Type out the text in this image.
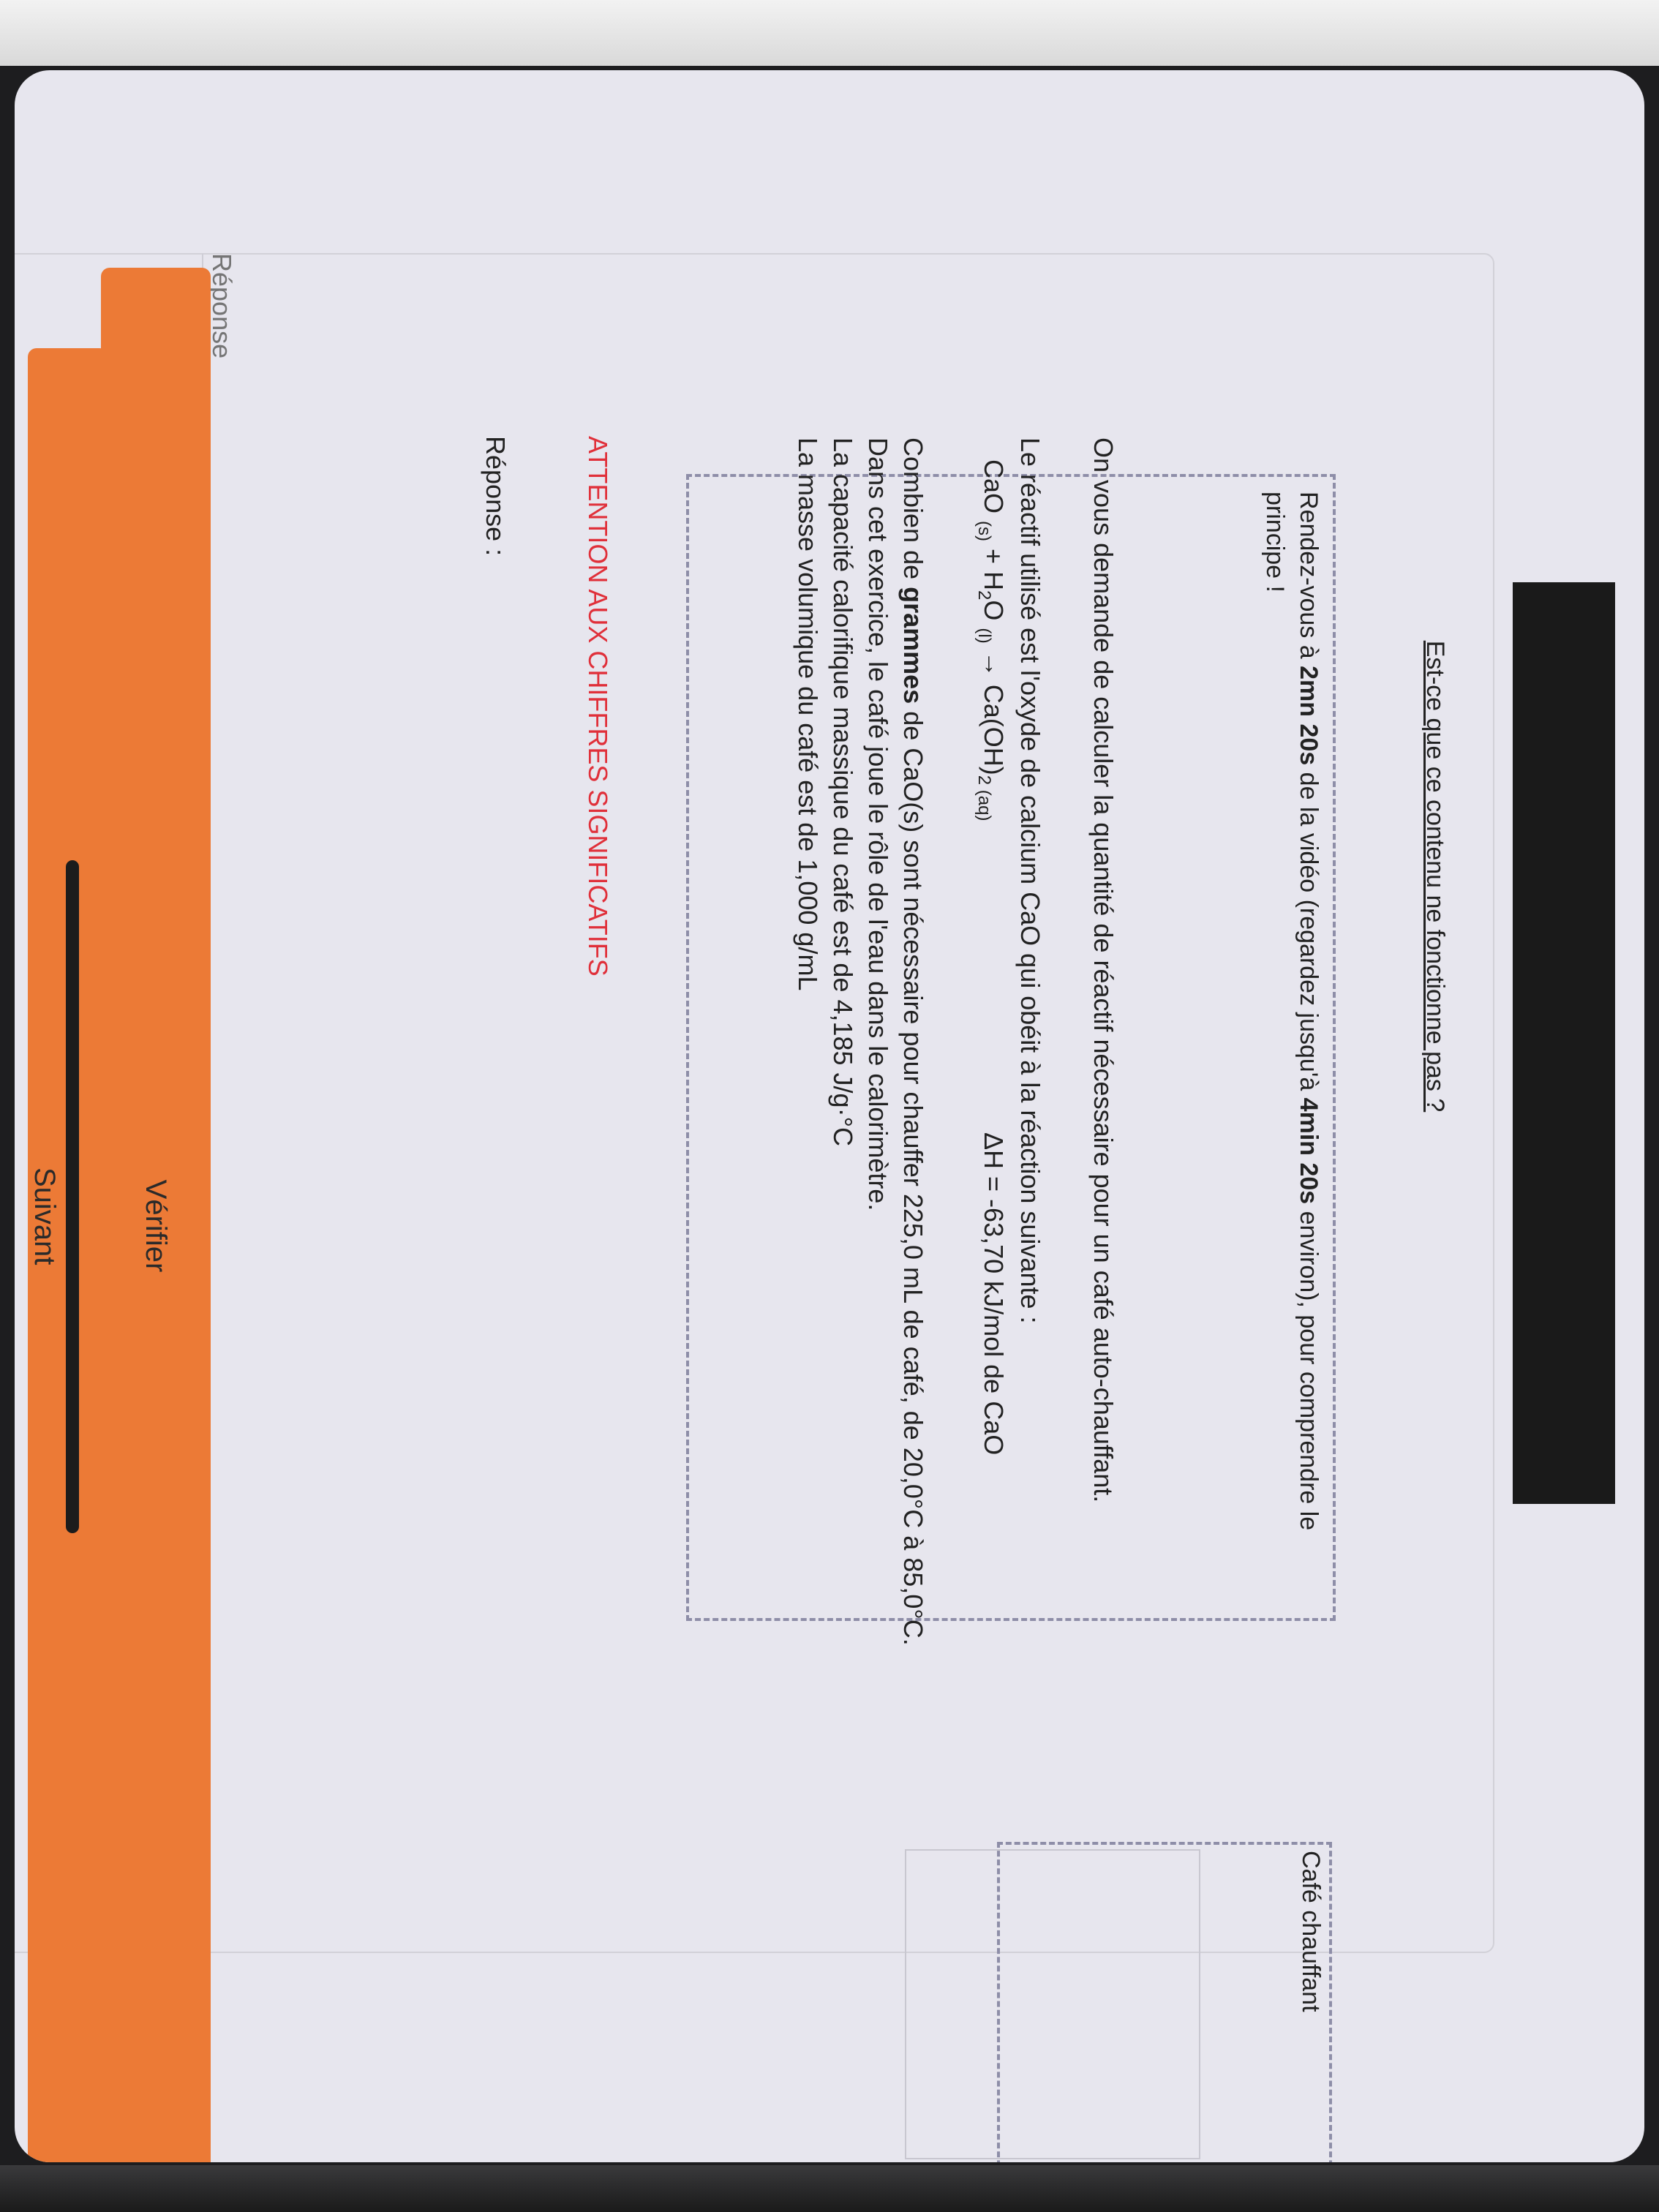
Est-ce que ce contenu ne fonctionne pas ?
Rendez-vous à 2mn 20s de la vidéo (regardez jusqu'à 4min 20s environ), pour comprendre le principe !
Café chauffant
On vous demande de calculer la quantité de réactif nécessaire pour un café auto-chauffant.
Le réactif utilisé est l'oxyde de calcium CaO qui obéit à la réaction suivante :
CaO $_{(s)} + H_2O$ $_{(l)} \to Ca(OH)_2$ $_{(aq)}$
ΔH = -63,70 kJ/mol de CaO
Combien de grammes de CaO(s) sont nécessaire pour chauffer 225,0 mL de café, de 20,0°C à 85,0°C.
Dans cet exercice, le café joue le rôle de l'eau dans le calorimètre.
La capacité calorifique massique du café est de 4,185 J/g·°C
La masse volumique du café est de 1,000 g/mL
ATTENTION AUX CHIFFRES SIGNIFICATIFS
Réponse :
Réponse
Suivant	Vérifier
